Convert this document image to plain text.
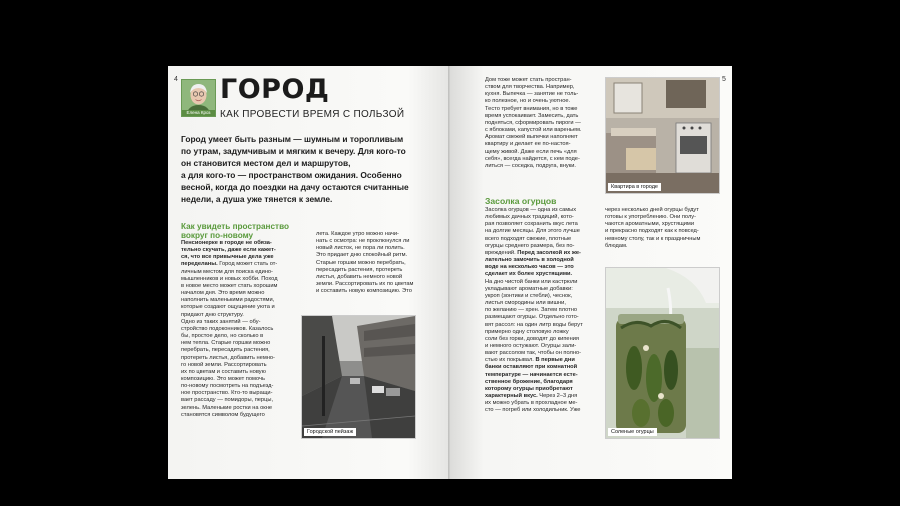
4
Елена Кроз
ГОРОД
КАК ПРОВЕСТИ ВРЕМЯ С ПОЛЬЗОЙ
Город умеет быть разным — шумным и торопливым
по утрам, задумчивым и мягким к вечеру. Для кого-то
он становится местом дел и маршрутов,
а для кого-то — пространством ожидания. Особенно
весной, когда до поездки на дачу остаются считанные
недели, а душа уже тянется к земле.
Как увидеть пространство
вокруг по-новому
Пенсионерке в городе не обяза-
тельно скучать, даже если кажет-
ся, что все привычные дела уже
переделаны. Город может стать от-
личным местом для поиска едино-
мышленников и новых хобби. Поход
в новое место может стать хорошим
началом дня. Это время можно
наполнить маленькими радостями,
которые создают ощущение уюта и
придают дню структуру.
Одно из таких занятий — обу-
стройство подоконников. Казалось
бы, простое дело, но сколько в
нем тепла. Старые горшки можно
перебрать, пересадить растения,
протереть листья, добавить немно-
го новой земли. Рассортировать
их по цветам и составить новую
композицию. Это может помочь
по-новому посмотреть на подъезд-
ное пространство. Кто-то выращи-
вает рассаду — помидоры, перцы,
зелень. Маленькие ростки на окне
становятся символом будущего
лета. Каждое утро можно начи-
нать с осмотра: не проклюнулся ли
новый листок, не пора ли полить.
Это придает дню спокойный ритм.
Старые горшки можно перебрать,
пересадить растения, протереть
листья, добавить немного новой
земли. Рассортировать их по цветам
и составить новую композицию. Это
Городской пейзаж
5
Дом тоже может стать простран-
ством для творчества. Например,
кухня. Выпечка — занятие не толь-
ко полезное, но и очень уютное.
Тесто требует внимания, но в тоже
время успокаивает. Замесить, дать
подняться, сформировать пироги —
с яблоками, капустой или вареньем.
Аромат свежей выпечки наполняет
квартиру и делает ее по-настоя-
щему живой. Даже если печь «для
себя», всегда найдется, с кем поде-
литься — соседка, подруга, внуки.
Квартира в городе
Засолка огурцов
Засолка огурцов — одна из самых
любимых дачных традиций, кото-
рая позволяет сохранить вкус лета
на долгие месяцы. Для этого лучше
всего подходят свежие, плотные
огурцы среднего размера, без по-
вреждений. Перед засолкой их же-
лательно замочить в холодной
воде на несколько часов — это
сделает их более хрустящими.
На дно чистой банки или кастрюли
укладывают ароматные добавки:
укроп (зонтики и стебли), чеснок,
листья смородины или вишни,
по желанию — хрен. Затем плотно
размещают огурцы. Отдельно гото-
вят рассол: на один литр воды берут
примерно одну столовую ложку
соли без горки, доводят до кипения
и немного остужают. Огурцы зали-
вают рассолом так, чтобы он полно-
стью их покрывал. В первые дни
банки оставляют при комнатной
температуре — начинается есте-
ственное брожение, благодаря
которому огурцы приобретают
характерный вкус. Через 2–3 дня
их можно убрать в прохладное ме-
сто — погреб или холодильник. Уже
через несколько дней огурцы будут
готовы к употреблению. Они полу-
чаются ароматными, хрустящими
и прекрасно подходят как к повсед-
невному столу, так и к праздничным
блюдам.
Соленые огурцы
